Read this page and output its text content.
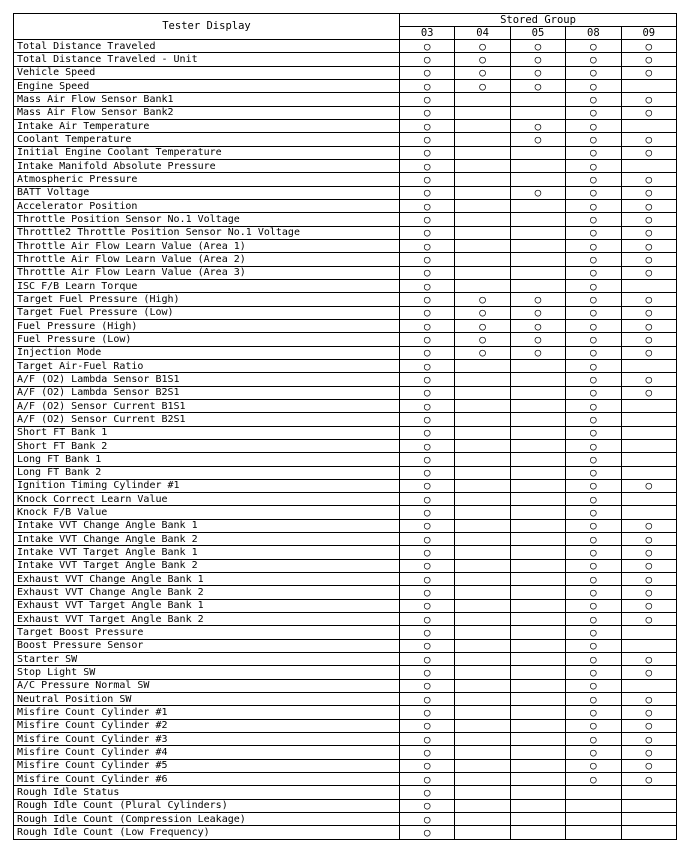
Tester Display	Stored Group				
	03	04	05	08	09
Total Distance Traveled	○	○	○	○	○
Total Distance Traveled - Unit	○	○	○	○	○
Vehicle Speed	○	○	○	○	○
Engine Speed	○	○	○	○	
Mass Air Flow Sensor Bank1	○			○	○
Mass Air Flow Sensor Bank2	○			○	○
Intake Air Temperature	○		○	○	
Coolant Temperature	○		○	○	○
Initial Engine Coolant Temperature	○			○	○
Intake Manifold Absolute Pressure	○			○	
Atmospheric Pressure	○			○	○
BATT Voltage	○		○	○	○
Accelerator Position	○			○	○
Throttle Position Sensor No.1 Voltage	○			○	○
Throttle2 Throttle Position Sensor No.1 Voltage	○			○	○
Throttle Air Flow Learn Value (Area 1)	○			○	○
Throttle Air Flow Learn Value (Area 2)	○			○	○
Throttle Air Flow Learn Value (Area 3)	○			○	○
ISC F/B Learn Torque	○			○	
Target Fuel Pressure (High)	○	○	○	○	○
Target Fuel Pressure (Low)	○	○	○	○	○
Fuel Pressure (High)	○	○	○	○	○
Fuel Pressure (Low)	○	○	○	○	○
Injection Mode	○	○	○	○	○
Target Air-Fuel Ratio	○			○	
A/F (O2) Lambda Sensor B1S1	○			○	○
A/F (O2) Lambda Sensor B2S1	○			○	○
A/F (O2) Sensor Current B1S1	○			○	
A/F (O2) Sensor Current B2S1	○			○	
Short FT Bank 1	○			○	
Short FT Bank 2	○			○	
Long FT Bank 1	○			○	
Long FT Bank 2	○			○	
Ignition Timing Cylinder #1	○			○	○
Knock Correct Learn Value	○			○	
Knock F/B Value	○			○	
Intake VVT Change Angle Bank 1	○			○	○
Intake VVT Change Angle Bank 2	○			○	○
Intake VVT Target Angle Bank 1	○			○	○
Intake VVT Target Angle Bank 2	○			○	○
Exhaust VVT Change Angle Bank 1	○			○	○
Exhaust VVT Change Angle Bank 2	○			○	○
Exhaust VVT Target Angle Bank 1	○			○	○
Exhaust VVT Target Angle Bank 2	○			○	○
Target Boost Pressure	○			○	
Boost Pressure Sensor	○			○	
Starter SW	○			○	○
Stop Light SW	○			○	○
A/C Pressure Normal SW	○			○	
Neutral Position SW	○			○	○
Misfire Count Cylinder #1	○			○	○
Misfire Count Cylinder #2	○			○	○
Misfire Count Cylinder #3	○			○	○
Misfire Count Cylinder #4	○			○	○
Misfire Count Cylinder #5	○			○	○
Misfire Count Cylinder #6	○			○	○
Rough Idle Status	○				
Rough Idle Count (Plural Cylinders)	○				
Rough Idle Count (Compression Leakage)	○				
Rough Idle Count (Low Frequency)	○				
